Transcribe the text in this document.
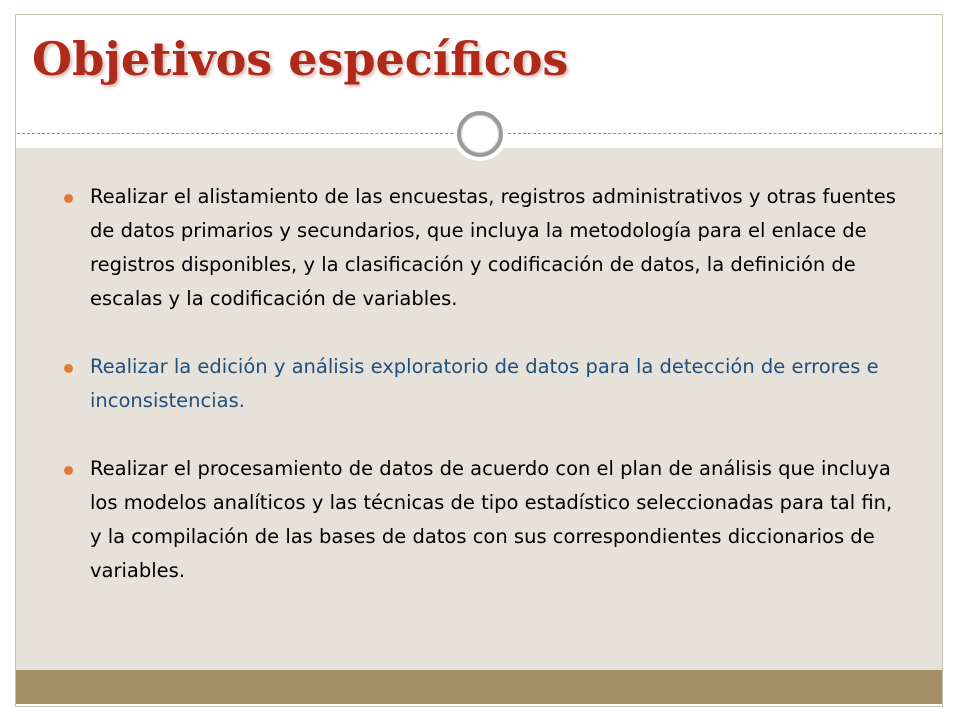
Objetivos específicos
Realizar el alistamiento de las encuestas, registros administrativos y otras fuentes de datos primarios y secundarios, que incluya la metodología para el enlace de registros disponibles, y la clasificación y codificación de datos, la definición de escalas y la codificación de variables.
Realizar la edición y análisis exploratorio de datos para la detección de errores e inconsistencias.
Realizar el procesamiento de datos de acuerdo con el plan de análisis que incluya los modelos analíticos y las técnicas de tipo estadístico seleccionadas para tal fin, y la compilación de las bases de datos con sus correspondientes diccionarios de variables.
